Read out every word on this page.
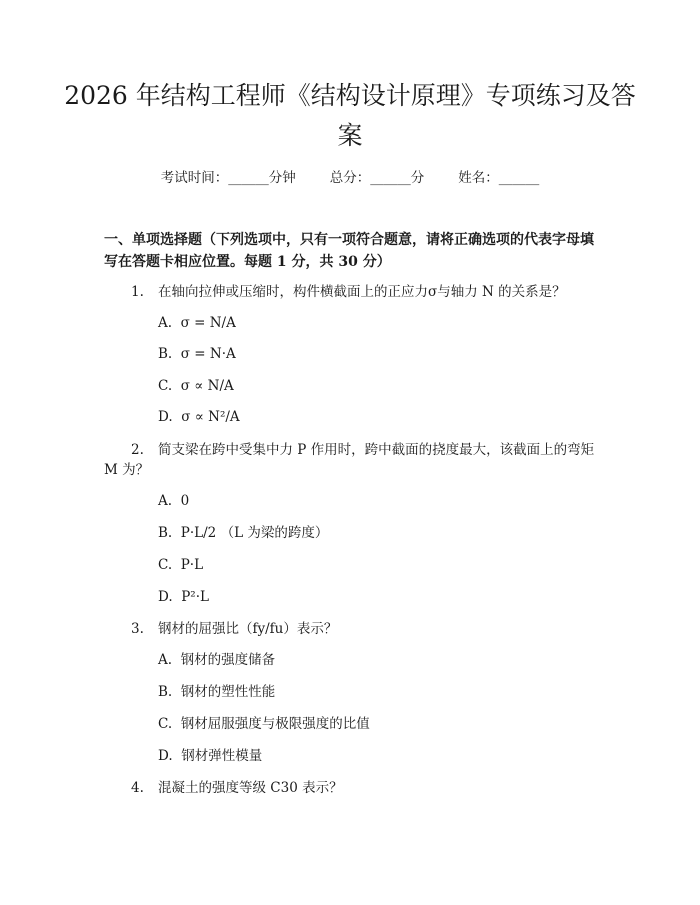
2026 年结构工程师《结构设计原理》专项练习及答案
考试时间：______分钟	总分：______分	姓名：______

一、单项选择题（下列选项中，只有一项符合题意，请将正确选项的代表字母填写在答题卡相应位置。每题 1 分，共 30 分）

1. 在轴向拉伸或压缩时，构件横截面上的正应力σ与轴力 N 的关系是？
A.  σ = N/A
B.  σ = N·A
C.  σ ∝ N/A
D.  σ ∝ N²/A
2. 简支梁在跨中受集中力 P 作用时，跨中截面的挠度最大，该截面上的弯矩
M 为？
A.  0
B.  P·L/2 （L 为梁的跨度）
C.  P·L
D.  P²·L
3. 钢材的屈强比（fy/fu）表示？
A.  钢材的强度储备
B.  钢材的塑性性能
C.  钢材屈服强度与极限强度的比值
D.  钢材弹性模量
4. 混凝土的强度等级 C30 表示？
